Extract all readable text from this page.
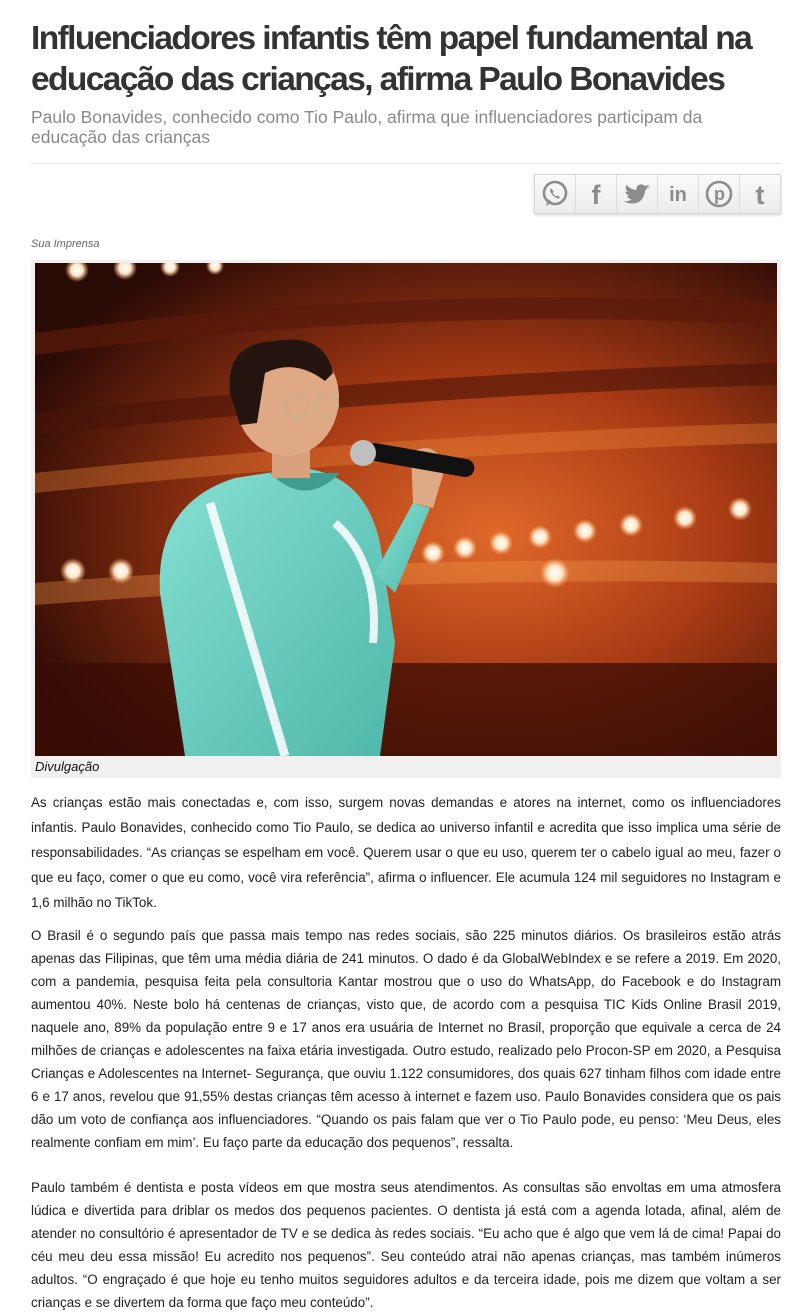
Influenciadores infantis têm papel fundamental na educação das crianças, afirma Paulo Bonavides

Paulo Bonavides, conhecido como Tio Paulo, afirma que influenciadores participam da educação das crianças

f	in p t
Sua Imprensa
Divulgação

As crianças estão mais conectadas e, com isso, surgem novas demandas e atores na internet, como os influenciadores infantis. Paulo Bonavides, conhecido como Tio Paulo, se dedica ao universo infantil e acredita que isso implica uma série de responsabilidades. “As crianças se espelham em você. Querem usar o que eu uso, querem ter o cabelo igual ao meu, fazer o que eu faço, comer o que eu como, você vira referência”, afirma o influencer. Ele acumula 124 mil seguidores no Instagram e 1,6 milhão no TikTok.

O Brasil é o segundo país que passa mais tempo nas redes sociais, são 225 minutos diários. Os brasileiros estão atrás apenas das Filipinas, que têm uma média diária de 241 minutos. O dado é da GlobalWebIndex e se refere a 2019. Em 2020, com a pandemia, pesquisa feita pela consultoria Kantar mostrou que o uso do WhatsApp, do Facebook e do Instagram aumentou 40%. Neste bolo há centenas de crianças, visto que, de acordo com a pesquisa TIC Kids Online Brasil 2019, naquele ano, 89% da população entre 9 e 17 anos era usuária de Internet no Brasil, proporção que equivale a cerca de 24 milhões de crianças e adolescentes na faixa etária investigada. Outro estudo, realizado pelo Procon-SP em 2020, a Pesquisa Crianças e Adolescentes na Internet- Segurança, que ouviu 1.122 consumidores, dos quais 627 tinham filhos com idade entre 6 e 17 anos, revelou que 91,55% destas crianças têm acesso à internet e fazem uso. Paulo Bonavides considera que os pais dão um voto de confiança aos influenciadores. “Quando os pais falam que ver o Tio Paulo pode, eu penso: ‘Meu Deus, eles realmente confiam em mim’. Eu faço parte da educação dos pequenos”, ressalta.

Paulo também é dentista e posta vídeos em que mostra seus atendimentos. As consultas são envoltas em uma atmosfera lúdica e divertida para driblar os medos dos pequenos pacientes. O dentista já está com a agenda lotada, afinal, além de atender no consultório é apresentador de TV e se dedica às redes sociais. “Eu acho que é algo que vem lá de cima! Papai do céu meu deu essa missão! Eu acredito nos pequenos”. Seu conteúdo atrai não apenas crianças, mas também inúmeros adultos. “O engraçado é que hoje eu tenho muitos seguidores adultos e da terceira idade, pois me dizem que voltam a ser crianças e se divertem da forma que faço meu conteúdo”.
